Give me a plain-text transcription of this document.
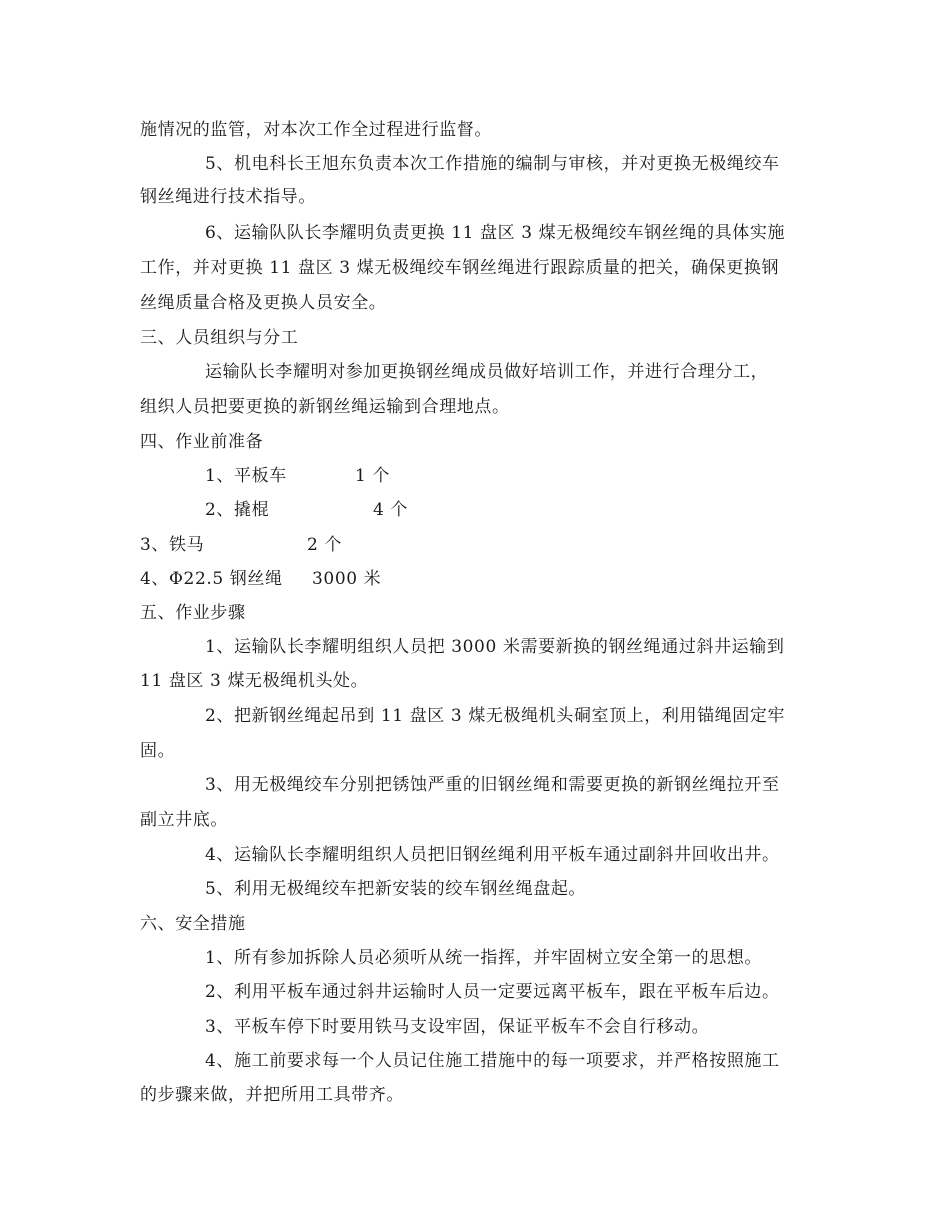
施情况的监管，对本次工作全过程进行监督。
5、机电科长王旭东负责本次工作措施的编制与审核，并对更换无极绳绞车
钢丝绳进行技术指导。
6、运输队队长李耀明负责更换 11 盘区 3 煤无极绳绞车钢丝绳的具体实施
工作，并对更换 11 盘区 3 煤无极绳绞车钢丝绳进行跟踪质量的把关，确保更换钢
丝绳质量合格及更换人员安全。
三、人员组织与分工
运输队长李耀明对参加更换钢丝绳成员做好培训工作，并进行合理分工，
组织人员把要更换的新钢丝绳运输到合理地点。
四、作业前准备
1、平板车	1 个
2、撬棍	4 个
3、铁马	2 个
4、Φ22.5 钢丝绳 3000 米
五、作业步骤
1、运输队长李耀明组织人员把 3000 米需要新换的钢丝绳通过斜井运输到
11 盘区 3 煤无极绳机头处。
2、把新钢丝绳起吊到 11 盘区 3 煤无极绳机头硐室顶上，利用锚绳固定牢
固。
3、用无极绳绞车分别把锈蚀严重的旧钢丝绳和需要更换的新钢丝绳拉开至
副立井底。
4、运输队长李耀明组织人员把旧钢丝绳利用平板车通过副斜井回收出井。
5、利用无极绳绞车把新安装的绞车钢丝绳盘起。
六、安全措施
1、所有参加拆除人员必须听从统一指挥，并牢固树立安全第一的思想。
2、利用平板车通过斜井运输时人员一定要远离平板车，跟在平板车后边。
3、平板车停下时要用铁马支设牢固，保证平板车不会自行移动。
4、施工前要求每一个人员记住施工措施中的每一项要求，并严格按照施工
的步骤来做，并把所用工具带齐。
